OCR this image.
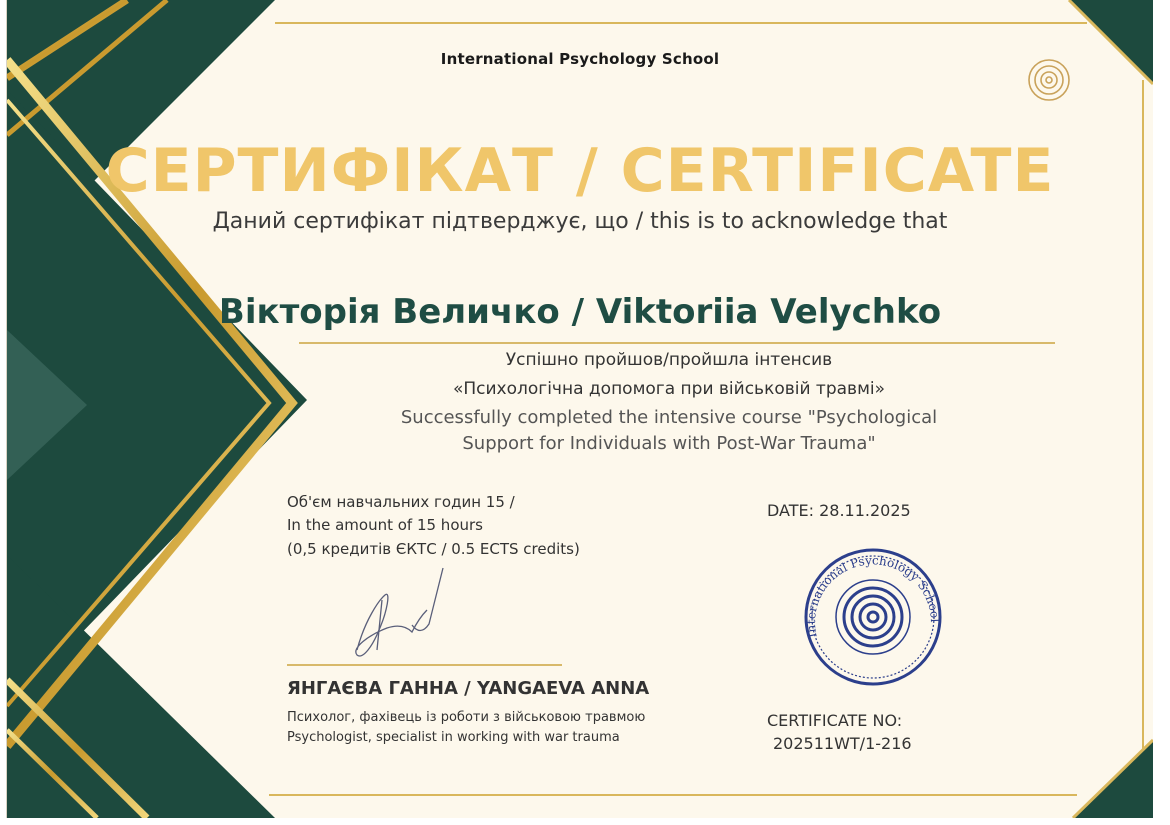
International Psychology School
International Psychology School
СЕРТИФІКАТ / CERTIFICATE
Даний сертифікат підтверджує, що / this is to acknowledge that
Вікторія Величко / Viktoriia Velychko
Успішно пройшов/пройшла інтенсив
«Психологічна допомога при військовій травмі»
Successfully completed the intensive course "Psychological
Support for Individuals with Post-War Trauma"
Об'єм навчальних годин 15 /
In the amount of 15 hours
(0,5 кредитів ЄКТС / 0.5 ECTS credits)
DATE: 28.11.2025
ЯНГАЄВА ГАННА / YANGAEVA ANNA
Психолог, фахівець із роботи з військовою травмою
Psychologist, specialist in working with war trauma
CERTIFICATE NO:
202511WT/1-216
